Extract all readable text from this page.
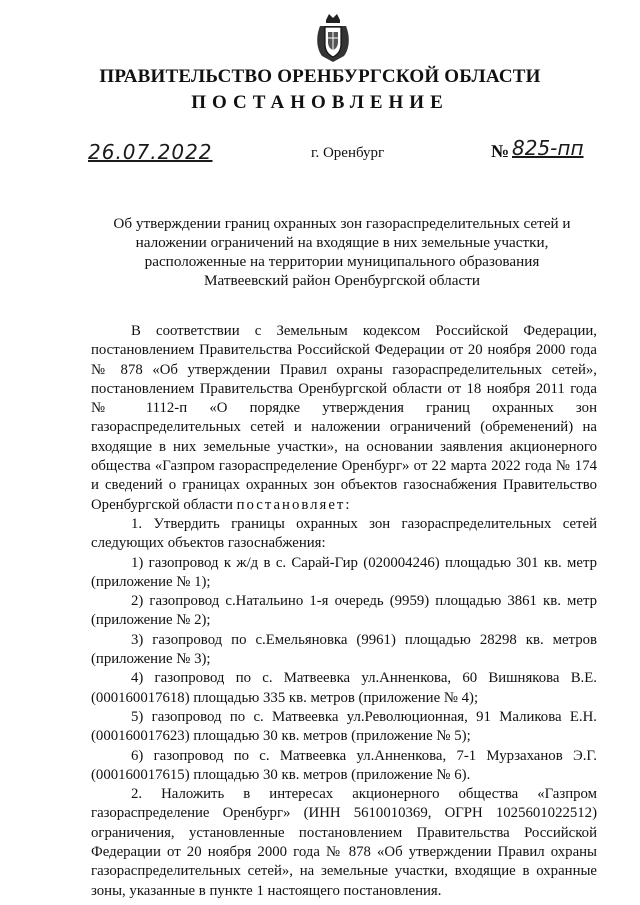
ПРАВИТЕЛЬСТВО ОРЕНБУРГСКОЙ ОБЛАСТИ
ПОСТАНОВЛЕНИЕ
26.07.2022	г. Оренбург	№ 825-пп
Об утверждении границ охранных зон газораспределительных сетей и
наложении ограничений на входящие в них земельные участки,
расположенные на территории муниципального образования
Матвеевский район Оренбургской области

В соответствии с Земельным кодексом Российской Федерации, постановлением Правительства Российской Федерации от 20 ноября 2000 года № 878 «Об утверждении Правил охраны газораспределительных сетей», постановлением Правительства Оренбургской области от 18 ноября 2011 года № 1112-п «О порядке утверждения границ охранных зон газораспределительных сетей и наложении ограничений (обременений) на входящие в них земельные участки», на основании заявления акционерного общества «Газпром газораспределение Оренбург» от 22 марта 2022 года № 174 и сведений о границах охранных зон объектов газоснабжения Правительство Оренбургской области постановляет:

1. Утвердить границы охранных зон газораспределительных сетей следующих объектов газоснабжения:

1) газопровод к ж/д в с. Сарай-Гир (020004246) площадью 301 кв. метр (приложение № 1);

2) газопровод с.Натальино 1-я очередь (9959) площадью 3861 кв. метр (приложение № 2);

3) газопровод по с.Емельяновка (9961) площадью 28298 кв. метров (приложение № 3);

4) газопровод по с. Матвеевка ул.Анненкова, 60 Вишнякова В.Е. (000160017618) площадью 335 кв. метров (приложение № 4);

5) газопровод по с. Матвеевка ул.Революционная, 91 Маликова Е.Н. (000160017623) площадью 30 кв. метров (приложение № 5);

6) газопровод по с. Матвеевка ул.Анненкова, 7-1 Мурзаханов Э.Г. (000160017615) площадью 30 кв. метров (приложение № 6).

2. Наложить в интересах акционерного общества «Газпром газораспределение Оренбург» (ИНН 5610010369, ОГРН 1025601022512) ограничения, установленные постановлением Правительства Российской Федерации от 20 ноября 2000 года № 878 «Об утверждении Правил охраны газораспределительных сетей», на земельные участки, входящие в охранные зоны, указанные в пункте 1 настоящего постановления.
